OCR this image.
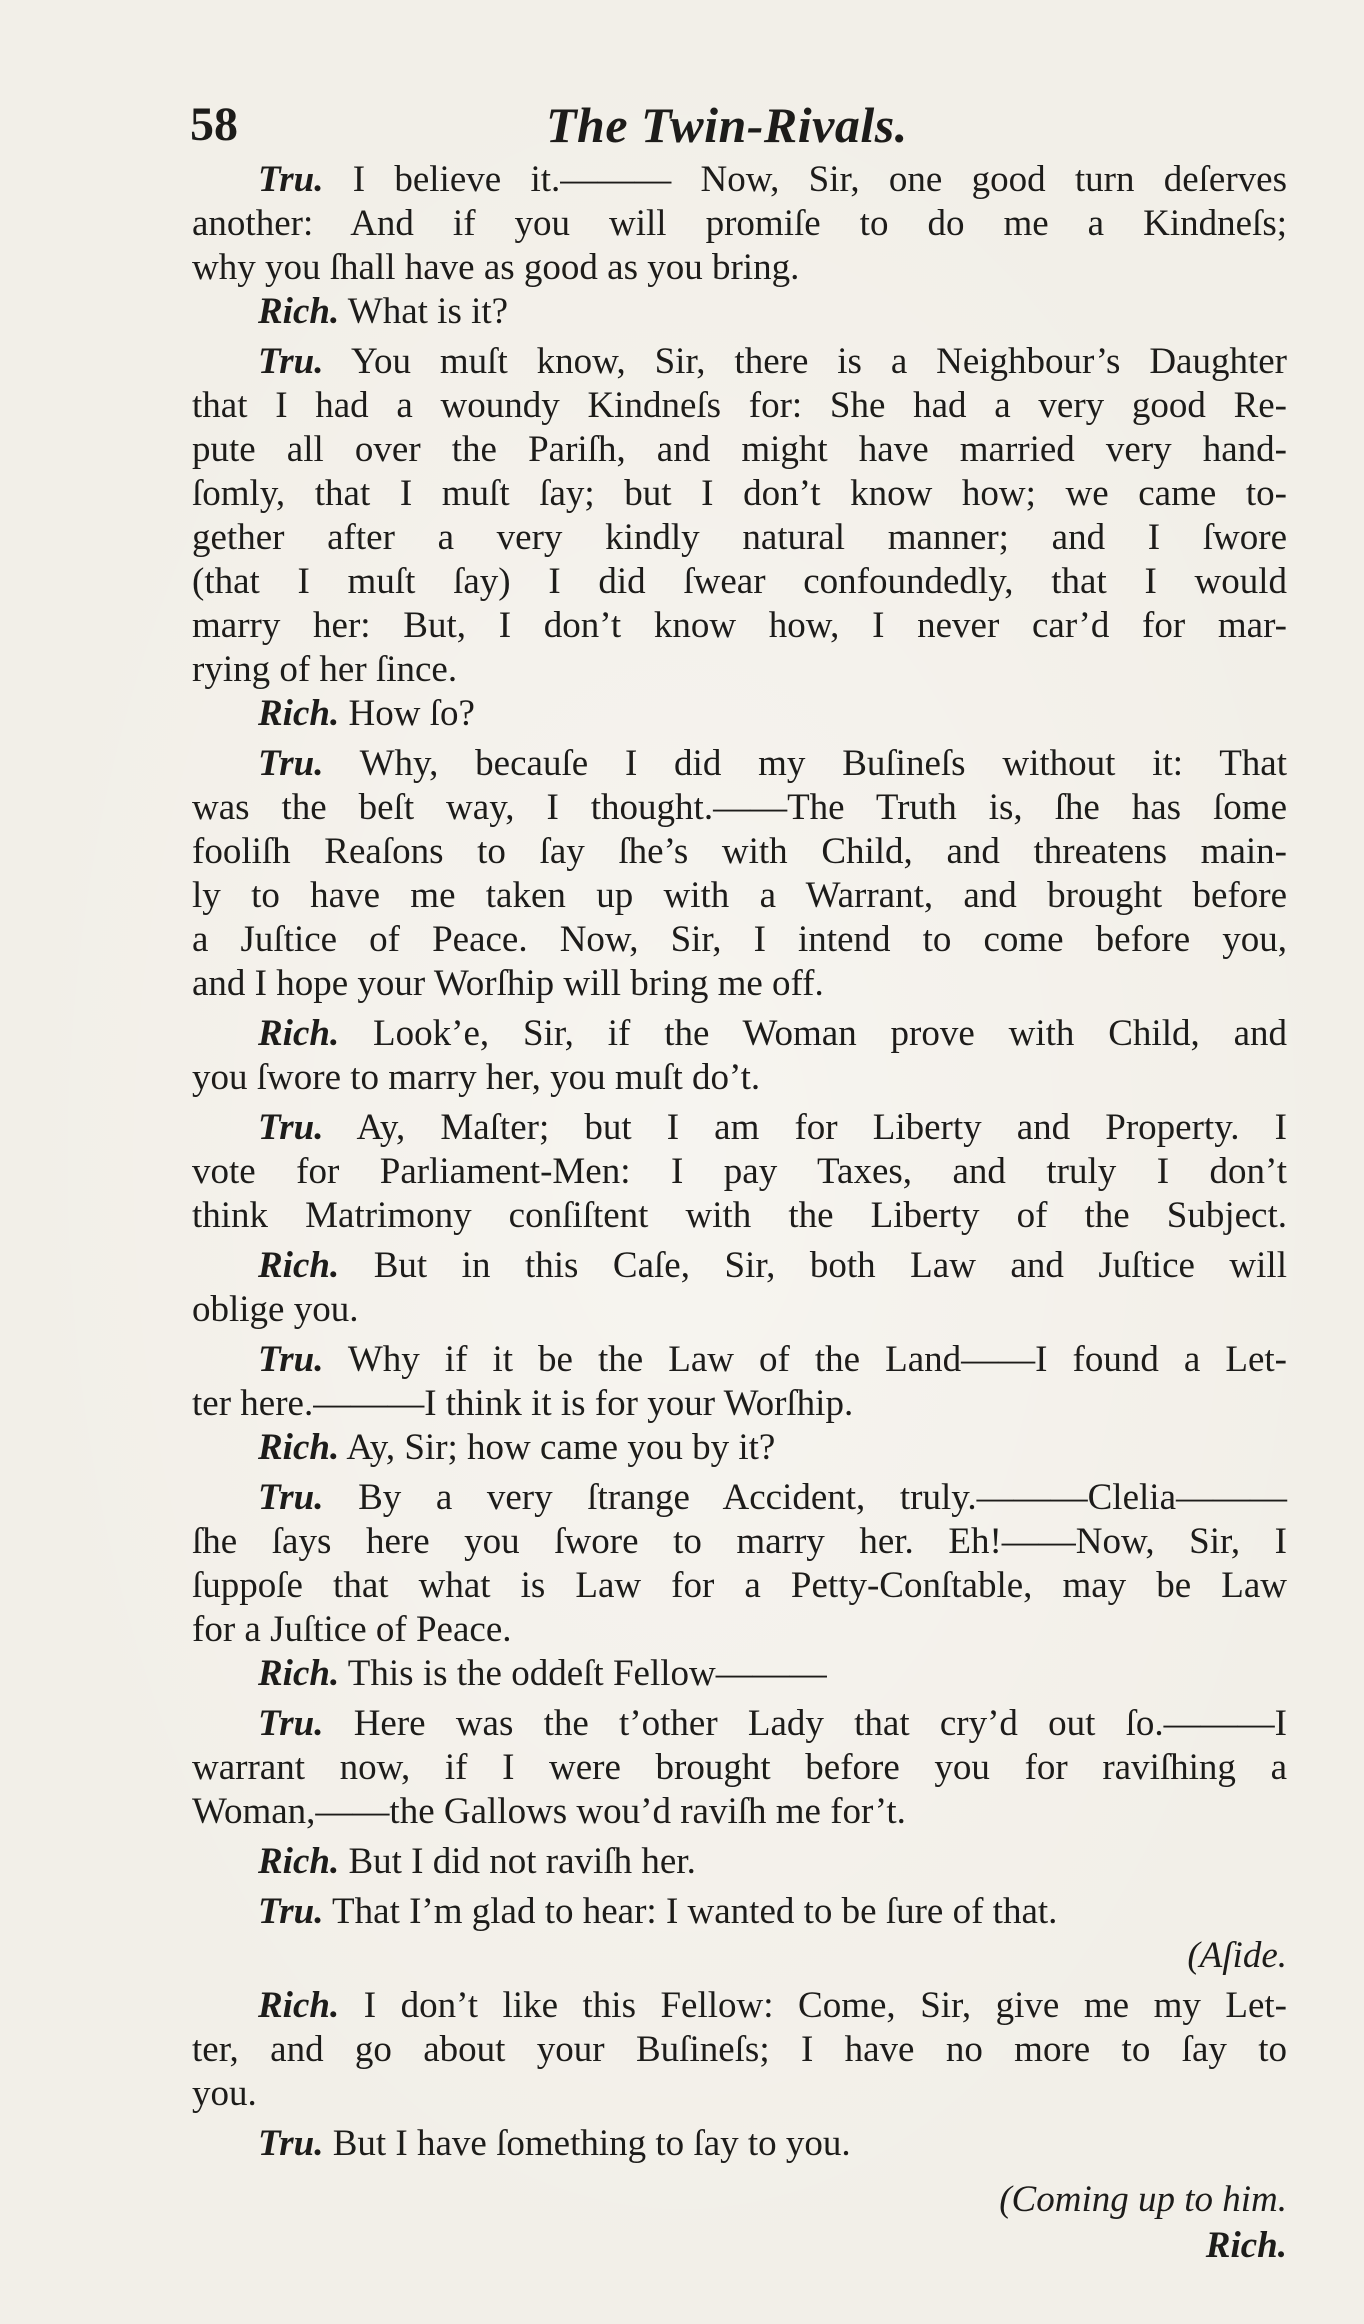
58	The Twin-Rivals.
Tru. I believe it.——— Now, Sir, one good turn deſerves
another: And if you will promiſe to do me a Kindneſs;
why you ſhall have as good as you bring.
Rich. What is it?
Tru. You muſt know, Sir, there is a Neighbour’s Daughter
that I had a woundy Kindneſs for: She had a very good Re-
pute all over the Pariſh, and might have married very hand-
ſomly, that I muſt ſay; but I don’t know how; we came to-
gether after a very kindly natural manner; and I ſwore
(that I muſt ſay) I did ſwear confoundedly, that I would
marry her: But, I don’t know how, I never car’d for mar-
rying of her ſince.
Rich. How ſo?
Tru. Why, becauſe I did my Buſineſs without it: That
was the beſt way, I thought.——The Truth is, ſhe has ſome
fooliſh Reaſons to ſay ſhe’s with Child, and threatens main-
ly to have me taken up with a Warrant, and brought before
a Juſtice of Peace. Now, Sir, I intend to come before you,
and I hope your Worſhip will bring me off.
Rich. Look’e, Sir, if the Woman prove with Child, and
you ſwore to marry her, you muſt do’t.
Tru. Ay, Maſter; but I am for Liberty and Property. I
vote for Parliament-Men: I pay Taxes, and truly I don’t
think Matrimony conſiſtent with the Liberty of the Subject.
Rich. But in this Caſe, Sir, both Law and Juſtice will
oblige you.
Tru. Why if it be the Law of the Land——I found a Let-
ter here.———I think it is for your Worſhip.
Rich. Ay, Sir; how came you by it?
Tru. By a very ſtrange Accident, truly.———Clelia———
ſhe ſays here you ſwore to marry her. Eh!——Now, Sir, I
ſuppoſe that what is Law for a Petty-Conſtable, may be Law
for a Juſtice of Peace.
Rich. This is the oddeſt Fellow———
Tru. Here was the t’other Lady that cry’d out ſo.———I
warrant now, if I were brought before you for raviſhing a
Woman,——the Gallows wou’d raviſh me for’t.
Rich. But I did not raviſh her.
Tru. That I’m glad to hear: I wanted to be ſure of that.
(Aſide.
Rich. I don’t like this Fellow: Come, Sir, give me my Let-
ter, and go about your Buſineſs; I have no more to ſay to
you.
Tru. But I have ſomething to ſay to you.
(Coming up to him.
Rich.
